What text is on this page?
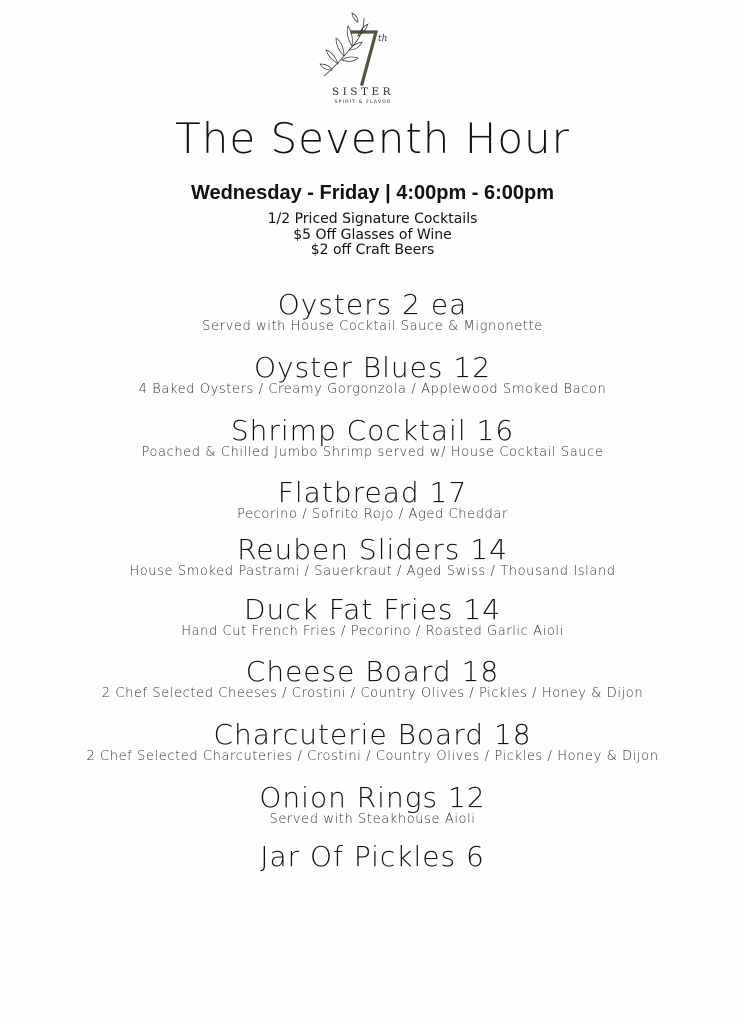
th
SISTER
SPIRIT & FLAVOR
The Seventh Hour
Wednesday - Friday | 4:00pm - 6:00pm
1/2 Priced Signature Cocktails
$5 Off Glasses of Wine
$2 off Craft Beers
Oysters 2 ea
Served with House Cocktail Sauce & Mignonette
Oyster Blues 12
4 Baked Oysters / Creamy Gorgonzola / Applewood Smoked Bacon
Shrimp Cocktail 16
Poached & Chilled Jumbo Shrimp served w/ House Cocktail Sauce
Flatbread 17
Pecorino / Sofrito Rojo / Aged Cheddar
Reuben Sliders 14
House Smoked Pastrami / Sauerkraut / Aged Swiss / Thousand Island
Duck Fat Fries 14
Hand Cut French Fries / Pecorino / Roasted Garlic Aioli
Cheese Board 18
2 Chef Selected Cheeses / Crostini / Country Olives / Pickles / Honey & Dijon
Charcuterie Board 18
2 Chef Selected Charcuteries / Crostini / Country Olives / Pickles / Honey & Dijon
Onion Rings 12
Served with Steakhouse Aioli
Jar Of Pickles 6
